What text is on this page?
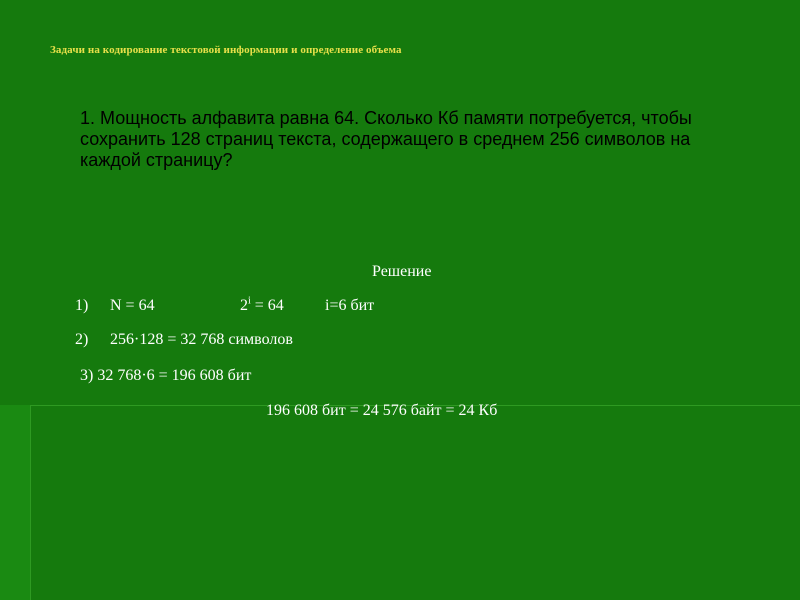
Задачи на кодирование текстовой информации и определение объема
1. Мощность алфавита равна 64. Сколько Кб памяти потребуется, чтобы сохранить 128 страниц текста, содержащего в среднем 256 символов на каждой страницу?
Решение
1) N = 64	$2^i = 64$	i=6 бит
2) 256·128 = 32 768 символов
3) 32 768·6 = 196 608 бит
196 608 бит = 24 576 байт = 24 Кб
